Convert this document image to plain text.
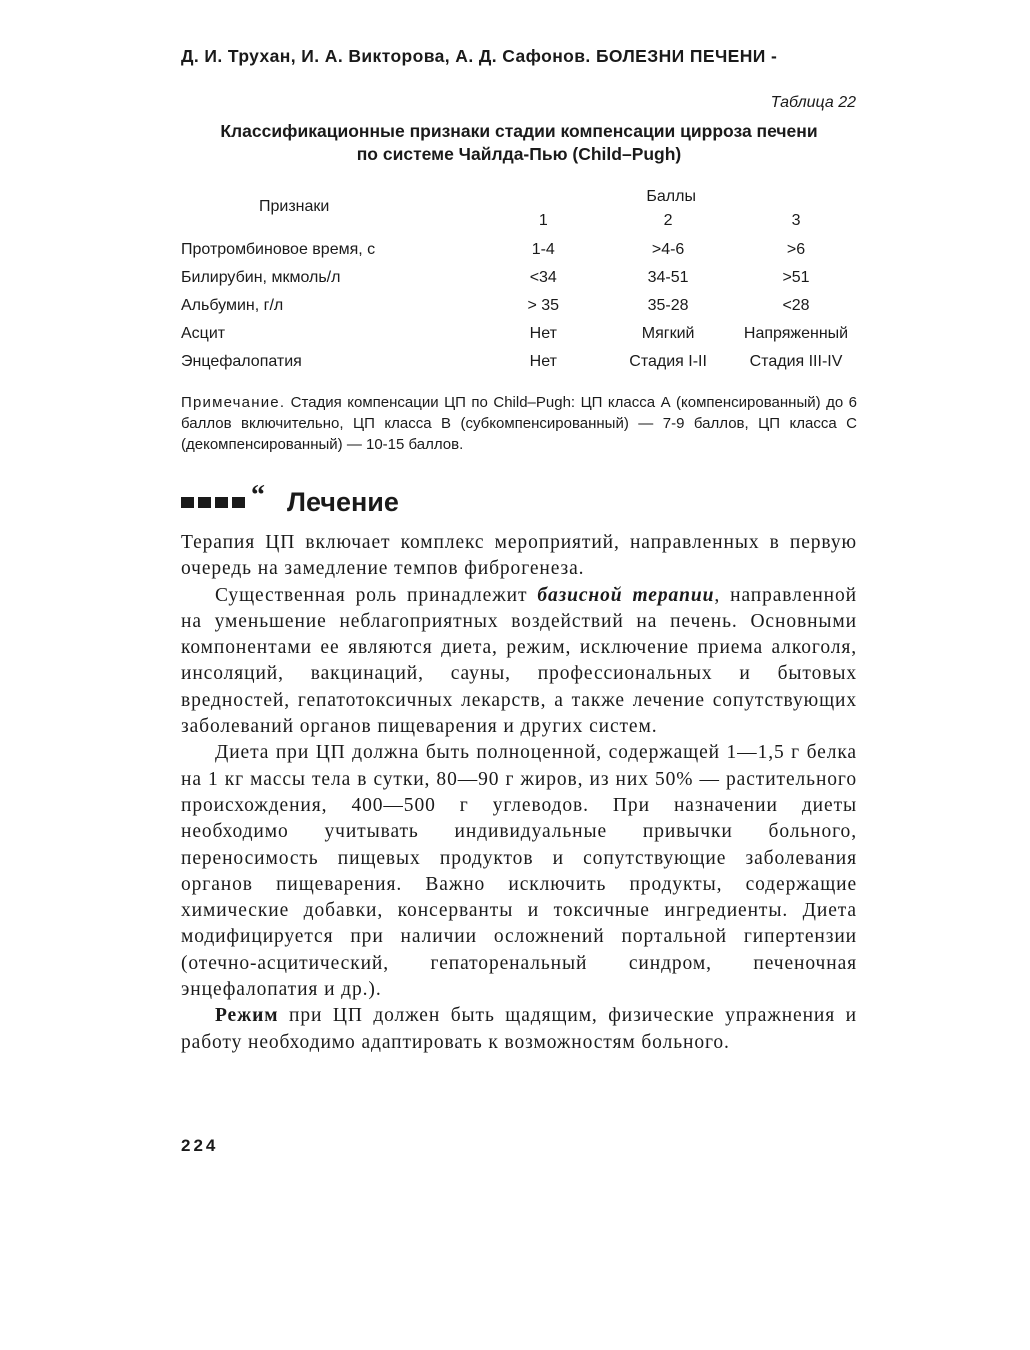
Д. И. Трухан, И. А. Викторова, А. Д. Сафонов. БОЛЕЗНИ ПЕЧЕНИ -
Таблица 22
Классификационные признаки стадии компенсации цирроза печени
по системе Чайлда-Пью (Child–Pugh)
Признаки	Баллы		
	1	2	3
Протромбиновое время, с	1-4	>4-6	>6
Билирубин, мкмоль/л	<34	34-51	>51
Альбумин, г/л	> 35	35-28	<28
Асцит	Нет	Мягкий	Напряженный
Энцефалопатия	Нет	Стадия I-II	Стадия III-IV
Примечание. Стадия компенсации ЦП по Child–Pugh: ЦП класса А (компенсированный) до 6 баллов включительно, ЦП класса В (субкомпенсированный) — 7-9 баллов, ЦП класса С (декомпенсированный) — 10-15 баллов.
“ Лечение

Терапия ЦП включает комплекс мероприятий, направленных в первую очередь на замедление темпов фиброгенеза.

Существенная роль принадлежит базисной терапии, направленной на уменьшение неблагоприятных воздействий на печень. Основными компонентами ее являются диета, режим, исключение приема алкоголя, инсоляций, вакцинаций, сауны, профессиональных и бытовых вредностей, гепатотоксичных лекарств, а также лечение сопутствующих заболеваний органов пищеварения и других систем.

Диета при ЦП должна быть полноценной, содержащей 1—1,5 г белка на 1 кг массы тела в сутки, 80—90 г жиров, из них 50% — растительного происхождения, 400—500 г углеводов. При назначении диеты необходимо учитывать индивидуальные привычки больного, переносимость пищевых продуктов и сопутствующие заболевания органов пищеварения. Важно исключить продукты, содержащие химические добавки, консерванты и токсичные ингредиенты. Диета модифицируется при наличии осложнений портальной гипертензии (отечно-асцитический, гепаторенальный синдром, печеночная энцефалопатия и др.).

Режим при ЦП должен быть щадящим, физические упражнения и работу необходимо адаптировать к возможностям больного.

224
